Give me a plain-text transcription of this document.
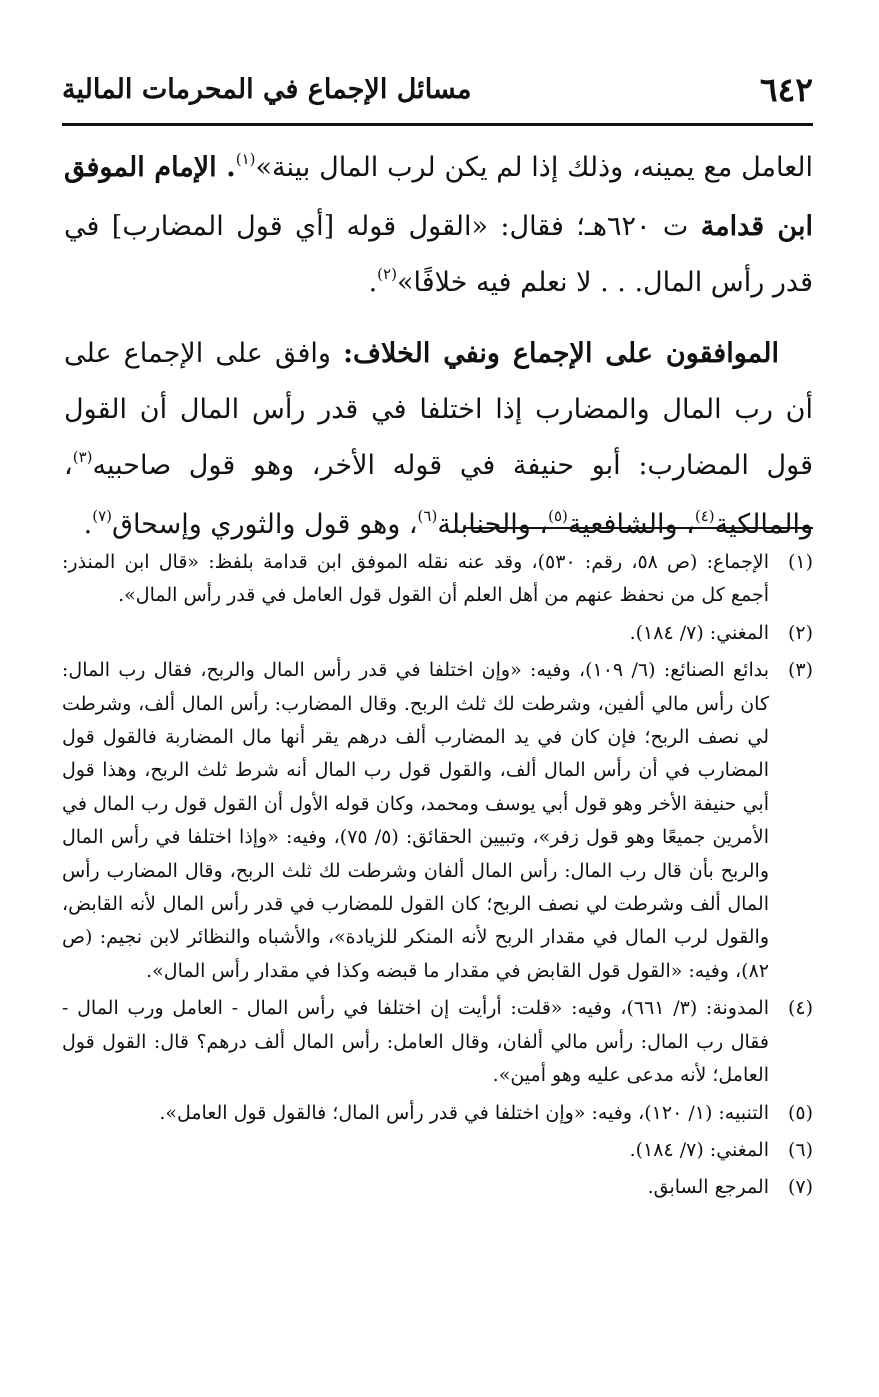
مسائل الإجماع في المحرمات المالية	٦٤٢

العامل مع يمينه، وذلك إذا لم يكن لرب المال بينة»$^{(١)}$. الإمام الموفق ابن قدامة ت ٦٢٠هـ؛ فقال: «القول قوله [أي قول المضارب] في قدر رأس المال. . . لا نعلم فيه خلافًا»$^{(٢)}$.

الموافقون على الإجماع ونفي الخلاف: وافق على الإجماع على أن رب المال والمضارب إذا اختلفا في قدر رأس المال أن القول قول المضارب: أبو حنيفة في قوله الأخر، وهو قول صاحبيه$^{(٣)}$، والمالكية$^{(٤)}$، والشافعية$^{(٥)}$، والحنابلة$^{(٦)}$، وهو قول والثوري وإسحاق$^{(٧)}$.

(١)
الإجماع: (ص ٥٨، رقم: ٥٣٠)، وقد عنه نقله الموفق ابن قدامة بلفظ: «قال ابن المنذر: أجمع كل من نحفظ عنهم من أهل العلم أن القول قول العامل في قدر رأس المال».
(٢)
المغني: (٧/ ١٨٤).
(٣)
بدائع الصنائع: (٦/ ١٠٩)، وفيه: «وإن اختلفا في قدر رأس المال والربح، فقال رب المال: كان رأس مالي ألفين، وشرطت لك ثلث الربح. وقال المضارب: رأس المال ألف، وشرطت لي نصف الربح؛ فإن كان في يد المضارب ألف درهم يقر أنها مال المضاربة فالقول قول المضارب في أن رأس المال ألف، والقول قول رب المال أنه شرط ثلث الربح، وهذا قول أبي حنيفة الأخر وهو قول أبي يوسف ومحمد، وكان قوله الأول أن القول قول رب المال في الأمرين جميعًا وهو قول زفر»، وتبيين الحقائق: (٥/ ٧٥)، وفيه: «وإذا اختلفا في رأس المال والربح بأن قال رب المال: رأس المال ألفان وشرطت لك ثلث الربح، وقال المضارب رأس المال ألف وشرطت لي نصف الربح؛ كان القول للمضارب في قدر رأس المال لأنه القابض، والقول لرب المال في مقدار الربح لأنه المنكر للزيادة»، والأشباه والنظائر لابن نجيم: (ص ٨٢)، وفيه: «القول قول القابض في مقدار ما قبضه وكذا في مقدار رأس المال».
(٤)
المدونة: (٣/ ٦٦١)، وفيه: «قلت: أرأيت إن اختلفا في رأس المال - العامل ورب المال - فقال رب المال: رأس مالي ألفان، وقال العامل: رأس المال ألف درهم؟ قال: القول قول العامل؛ لأنه مدعى عليه وهو أمين».
(٥)
التنبيه: (١/ ١٢٠)، وفيه: «وإن اختلفا في قدر رأس المال؛ فالقول قول العامل».
(٦)
المغني: (٧/ ١٨٤).
(٧)
المرجع السابق.
